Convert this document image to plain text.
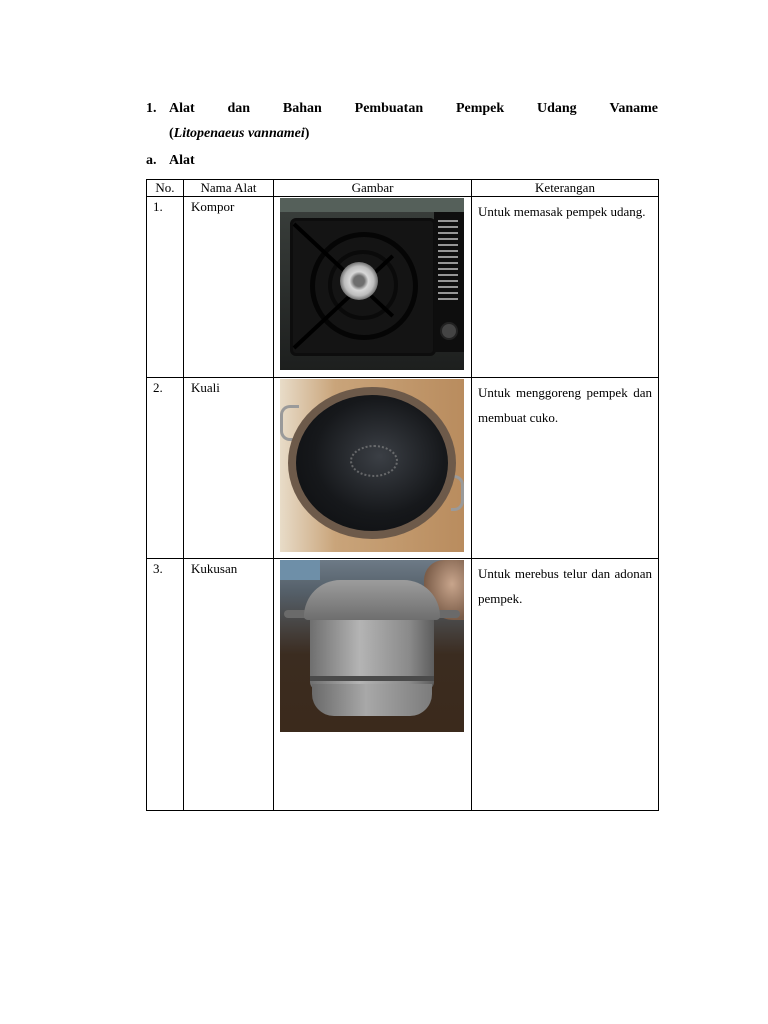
1. Alat dan Bahan Pembuatan Pempek Udang Vaname
(Litopenaeus vannamei)
a. Alat
No.	Nama Alat	Gambar	Keterangan
1.	Kompor		Untuk memasak pempek udang.
2.	Kuali		Untuk menggoreng pempek dan membuat cuko.
3.	Kukusan		Untuk merebus telur dan adonan pempek.
